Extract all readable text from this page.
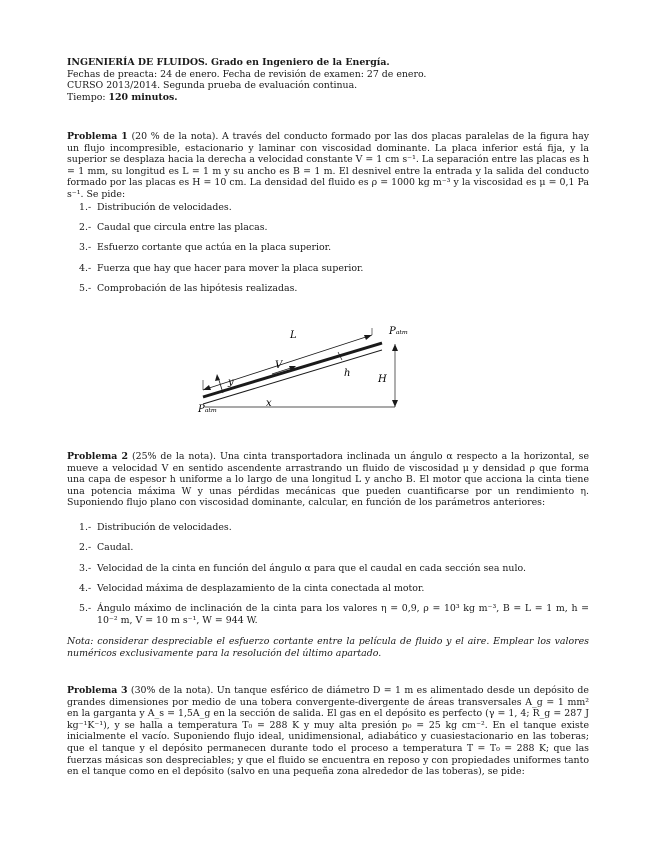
INGENIERÍA DE FLUIDOS. Grado en Ingeniero de la Energía.
Fechas de preacta: 24 de enero. Fecha de revisión de examen: 27 de enero.
CURSO 2013/2014. Segunda prueba de evaluación continua.
Tiempo: 120 minutos.
Problema 1 (20 % de la nota). A través del conducto formado por las dos placas paralelas de la figura hay un flujo incompresible, estacionario y laminar con viscosidad dominante. La placa inferior está fija, y la superior se desplaza hacia la derecha a velocidad constante V = 1 cm s⁻¹. La separación entre las placas es h = 1 mm, su longitud es L = 1 m y su ancho es B = 1 m. El desnivel entre la entrada y la salida del conducto formado por las placas es H = 10 cm. La densidad del fluido es ρ = 1000 kg m⁻³ y la viscosidad es μ = 0,1 Pa s⁻¹. Se pide:
1.- Distribución de velocidades.
2.- Caudal que circula entre las placas.
3.- Esfuerzo cortante que actúa en la placa superior.
4.- Fuerza que hay que hacer para mover la placa superior.
5.- Comprobación de las hipótesis realizadas.
L
V
y
h
x
H
Pₐₜₘ
Pₐₜₘ
Problema 2 (25% de la nota). Una cinta transportadora inclinada un ángulo α respecto a la horizontal, se mueve a velocidad V en sentido ascendente arrastrando un fluido de viscosidad μ y densidad ρ que forma una capa de espesor h uniforme a lo largo de una longitud L y ancho B. El motor que acciona la cinta tiene una potencia máxima W y unas pérdidas mecánicas que pueden cuantificarse por un rendimiento η. Suponiendo flujo plano con viscosidad dominante, calcular, en función de los parámetros anteriores:
1.- Distribución de velocidades.
2.- Caudal.
3.- Velocidad de la cinta en función del ángulo α para que el caudal en cada sección sea nulo.
4.- Velocidad máxima de desplazamiento de la cinta conectada al motor.
5.- Ángulo máximo de inclinación de la cinta para los valores η = 0,9, ρ = 10³ kg m⁻³, B = L = 1 m, h = 10⁻² m, V = 10 m s⁻¹, W = 944 W.
Nota: considerar despreciable el esfuerzo cortante entre la película de fluido y el aire. Emplear los valores numéricos exclusivamente para la resolución del último apartado.
Problema 3 (30% de la nota). Un tanque esférico de diámetro D = 1 m es alimentado desde un depósito de grandes dimensiones por medio de una tobera convergente-divergente de áreas transversales A_g = 1 mm² en la garganta y A_s = 1,5A_g en la sección de salida. El gas en el depósito es perfecto (γ = 1, 4; R_g = 287 J kg⁻¹K⁻¹), y se halla a temperatura T₀ = 288 K y muy alta presión p₀ = 25 kg cm⁻². En el tanque existe inicialmente el vacío. Suponiendo flujo ideal, unidimensional, adiabático y cuasiestacionario en las toberas; que el tanque y el depósito permanecen durante todo el proceso a temperatura T = T₀ = 288 K; que las fuerzas másicas son despreciables; y que el fluido se encuentra en reposo y con propiedades uniformes tanto en el tanque como en el depósito (salvo en una pequeña zona alrededor de las toberas), se pide:
